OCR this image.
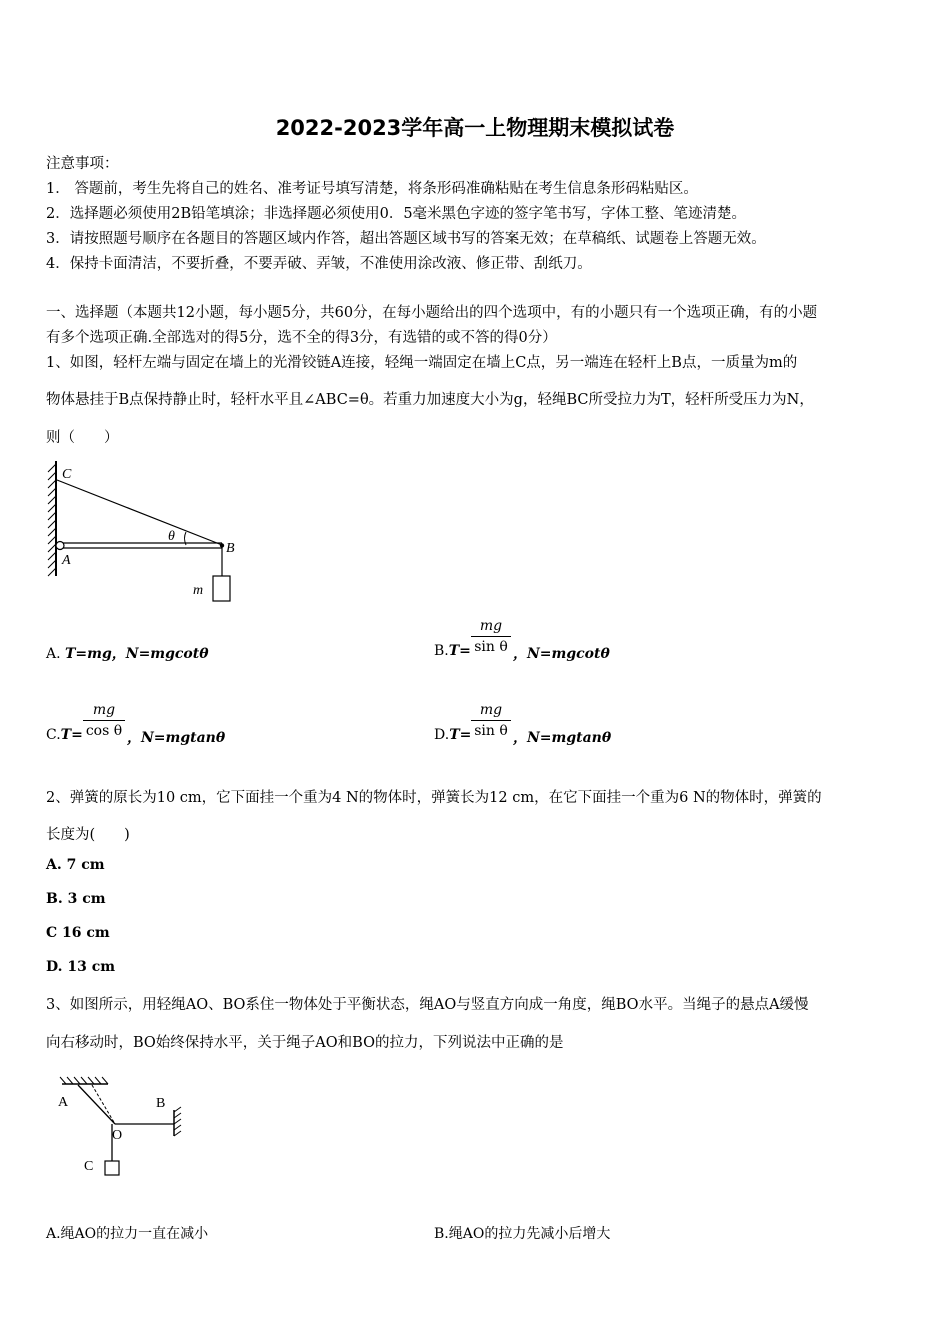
2022-2023学年高一上物理期末模拟试卷
注意事项：
1． 答题前，考生先将自己的姓名、准考证号填写清楚，将条形码准确粘贴在考生信息条形码粘贴区。
2．选择题必须使用2B铅笔填涂；非选择题必须使用0．5毫米黑色字迹的签字笔书写，字体工整、笔迹清楚。
3．请按照题号顺序在各题目的答题区域内作答，超出答题区域书写的答案无效；在草稿纸、试题卷上答题无效。
4．保持卡面清洁，不要折叠，不要弄破、弄皱，不准使用涂改液、修正带、刮纸刀。
一、选择题（本题共12小题，每小题5分，共60分，在每小题给出的四个选项中，有的小题只有一个选项正确，有的小题
有多个选项正确.全部选对的得5分，选不全的得3分，有选错的或不答的得0分）
1、如图，轻杆左端与固定在墙上的光滑铰链A连接，轻绳一端固定在墙上C点，另一端连在轻杆上B点，一质量为m的
物体悬挂于B点保持静止时，轻杆水平且∠ABC=θ。若重力加速度大小为g，轻绳BC所受拉力为T，轻杆所受压力为N，
则（　　）
C
A
B
m
θ
A. T=mg，N=mgcotθ	$B.T= \frac{mg}{\text{sin θ}}$ ，N=mgcotθ
$C.T= \frac{mg}{\text{cos θ}}$ ，N=mgtanθ	$D.T= \frac{mg}{\text{sin θ}}$ ，N=mgtanθ
2、弹簧的原长为10 cm，它下面挂一个重为4 N的物体时，弹簧长为12 cm，在它下面挂一个重为6 N的物体时，弹簧的
长度为(　　)
A. 7 cm
B. 3 cm
C 16 cm
D. 13 cm
3、如图所示，用轻绳AO、BO系住一物体处于平衡状态，绳AO与竖直方向成一角度，绳BO水平。当绳子的悬点A缓慢
向右移动时，BO始终保持水平，关于绳子AO和BO的拉力，下列说法中正确的是
A	B
O
C
A.绳AO的拉力一直在减小	B.绳AO的拉力先减小后增大
